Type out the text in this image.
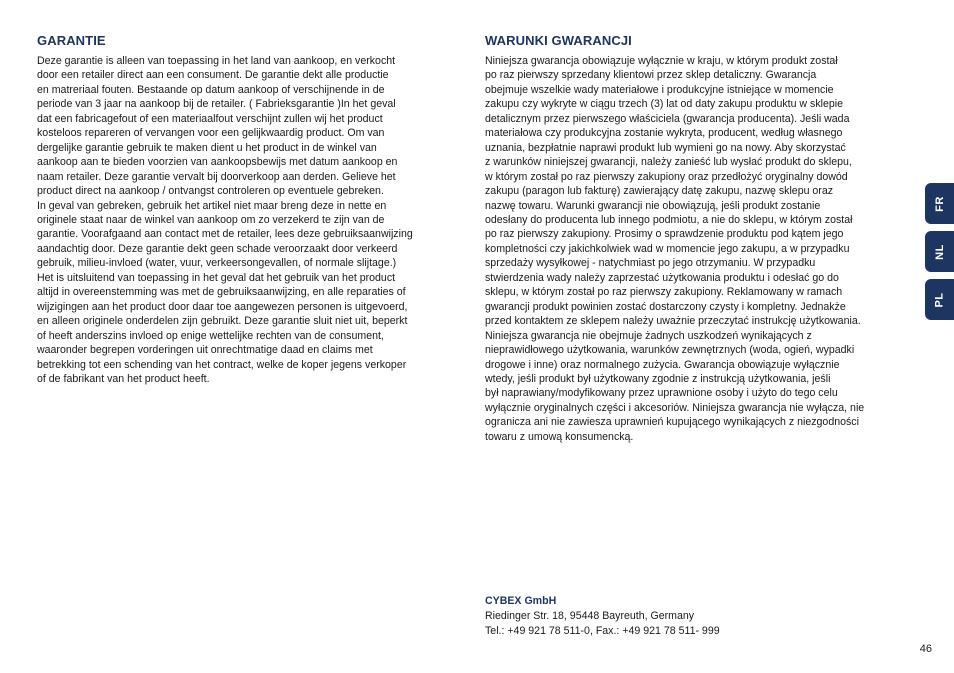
GARANTIE

Deze garantie is alleen van toepassing in het land van aankoop, en verkocht
door een retailer direct aan een consument. De garantie dekt alle productie
en matreriaal fouten. Bestaande op datum aankoop of verschijnende in de
periode van 3 jaar na aankoop bij de retailer. ( Fabrieksgarantie )In het geval
dat een fabricagefout of een materiaalfout verschijnt zullen wij het product
kosteloos repareren of vervangen voor een gelijkwaardig product. Om van
dergelijke garantie gebruik te maken dient u het product in de winkel van
aankoop aan te bieden voorzien van aankoopsbewijs met datum aankoop en
naam retailer. Deze garantie vervalt bij doorverkoop aan derden. Gelieve het
product direct na aankoop / ontvangst controleren op eventuele gebreken.
In geval van gebreken, gebruik het artikel niet maar breng deze in nette en
originele staat naar de winkel van aankoop om zo verzekerd te zijn van de
garantie. Voorafgaand aan contact met de retailer, lees deze gebruiksaanwijzing
aandachtig door. Deze garantie dekt geen schade veroorzaakt door verkeerd
gebruik, milieu-invloed (water, vuur, verkeersongevallen, of normale slijtage.)
Het is uitsluitend van toepassing in het geval dat het gebruik van het product
altijd in overeenstemming was met de gebruiksaanwijzing, en alle reparaties of
wijzigingen aan het product door daar toe aangewezen personen is uitgevoerd,
en alleen originele onderdelen zijn gebruikt. Deze garantie sluit niet uit, beperkt
of heeft anderszins invloed op enige wettelijke rechten van de consument,
waaronder begrepen vorderingen uit onrechtmatige daad en claims met
betrekking tot een schending van het contract, welke de koper jegens verkoper
of de fabrikant van het product heeft.

WARUNKI GWARANCJI

Niniejsza gwarancja obowiązuje wyłącznie w kraju, w którym produkt został
po raz pierwszy sprzedany klientowi przez sklep detaliczny. Gwarancja
obejmuje wszelkie wady materiałowe i produkcyjne istniejące w momencie
zakupu czy wykryte w ciągu trzech (3) lat od daty zakupu produktu w sklepie
detalicznym przez pierwszego właściciela (gwarancja producenta). Jeśli wada
materiałowa czy produkcyjna zostanie wykryta, producent, według własnego
uznania, bezpłatnie naprawi produkt lub wymieni go na nowy. Aby skorzystać
z warunków niniejszej gwarancji, należy zanieść lub wysłać produkt do sklepu,
w którym został po raz pierwszy zakupiony oraz przedłożyć oryginalny dowód
zakupu (paragon lub fakturę) zawierający datę zakupu, nazwę sklepu oraz
nazwę towaru. Warunki gwarancji nie obowiązują, jeśli produkt zostanie
odesłany do producenta lub innego podmiotu, a nie do sklepu, w którym został
po raz pierwszy zakupiony. Prosimy o sprawdzenie produktu pod kątem jego
kompletności czy jakichkolwiek wad w momencie jego zakupu, a w przypadku
sprzedaży wysyłkowej - natychmiast po jego otrzymaniu. W przypadku
stwierdzenia wady należy zaprzestać użytkowania produktu i odesłać go do
sklepu, w którym został po raz pierwszy zakupiony. Reklamowany w ramach
gwarancji produkt powinien zostać dostarczony czysty i kompletny. Jednakże
przed kontaktem ze sklepem należy uważnie przeczytać instrukcję użytkowania.
Niniejsza gwarancja nie obejmuje żadnych uszkodzeń wynikających z
nieprawidłowego użytkowania, warunków zewnętrznych (woda, ogień, wypadki
drogowe i inne) oraz normalnego zużycia. Gwarancja obowiązuje wyłącznie
wtedy, jeśli produkt był użytkowany zgodnie z instrukcją użytkowania, jeśli
był naprawiany/modyfikowany przez uprawnione osoby i użyto do tego celu
wyłącznie oryginalnych części i akcesoriów. Niniejsza gwarancja nie wyłącza, nie
ogranicza ani nie zawiesza uprawnień kupującego wynikających z niezgodności
towaru z umową konsumencką.

FR
NL
PL
CYBEX GmbH
Riedinger Str. 18, 95448 Bayreuth, Germany
Tel.: +49 921 78 511-0, Fax.: +49 921 78 511- 999
46
